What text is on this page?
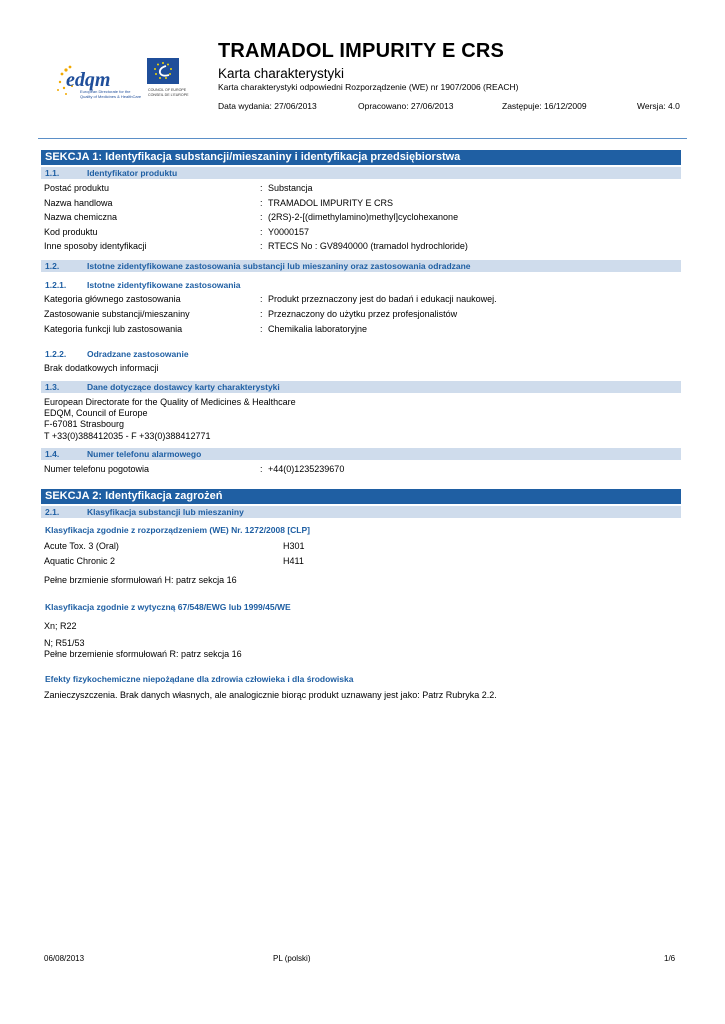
edqm
European Directorate for the
Quality of Medicines & HealthCare
COUNCIL OF EUROPE
CONSEIL DE L'EUROPE
TRAMADOL IMPURITY E CRS
Karta charakterystyki
Karta charakterystyki odpowiedni Rozporządzenie (WE) nr 1907/2006 (REACH)
Data wydania: 27/06/2013	Opracowano: 27/06/2013	Zastępuje: 16/12/2009	Wersja: 4.0
SEKCJA 1: Identyfikacja substancji/mieszaniny i identyfikacja przedsiębiorstwa
1.1.	Identyfikator produktu
Postać produktu	: Substancja
Nazwa handlowa	: TRAMADOL IMPURITY E CRS
Nazwa chemiczna	: (2RS)-2-[(dimethylamino)methyl]cyclohexanone
Kod produktu	: Y0000157
Inne sposoby identyfikacji	: RTECS No : GV8940000 (tramadol hydrochloride)
1.2.	Istotne zidentyfikowane zastosowania substancji lub mieszaniny oraz zastosowania odradzane
1.2.1. Istotne zidentyfikowane zastosowania
Kategoria głównego zastosowania	: Produkt przeznaczony jest do badań i edukacji naukowej.
Zastosowanie substancji/mieszaniny	: Przeznaczony do użytku przez profesjonalistów
Kategoria funkcji lub zastosowania	: Chemikalia laboratoryjne
1.2.2. Odradzane zastosowanie
Brak dodatkowych informacji
1.3.	Dane dotyczące dostawcy karty charakterystyki
European Directorate for the Quality of Medicines & Healthcare
EDQM, Council of Europe
F-67081 Strasbourg
T +33(0)388412035 - F +33(0)388412771
1.4.	Numer telefonu alarmowego
Numer telefonu pogotowia	: +44(0)1235239670
SEKCJA 2: Identyfikacja zagrożeń
2.1.	Klasyfikacja substancji lub mieszaniny
Klasyfikacja zgodnie z rozporządzeniem (WE) Nr. 1272/2008 [CLP]
Acute Tox. 3 (Oral)	H301
Aquatic Chronic 2	H411
Pełne brzmienie sformułowań H: patrz sekcja 16
Klasyfikacja zgodnie z wytyczną 67/548/EWG lub 1999/45/WE
Xn; R22
N; R51/53
Pełne brzemienie sformułowań R: patrz sekcja 16
Efekty fizykochemiczne niepożądane dla zdrowia człowieka i dla środowiska
Zanieczyszczenia. Brak danych własnych, ale analogicznie biorąc produkt uznawany jest jako: Patrz Rubryka 2.2.
06/08/2013	PL (polski)	1/6
